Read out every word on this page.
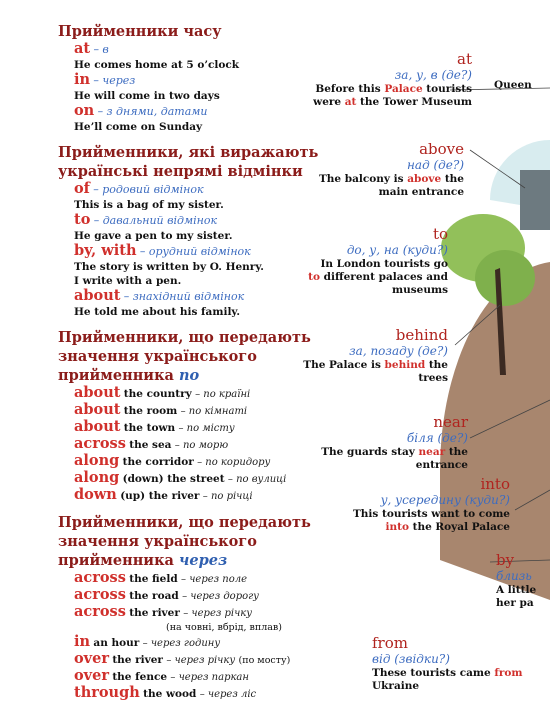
Прийменники часу

at – в
He comes home at 5 o’clock
in – через
He will come in two days
on – з днями, датами
He’ll come on Sunday

Прийменники, які виражають
українські непрямі відмінки

of – родовий відмінок
This is a bag of my sister.
to – давальний відмінок
He gave a pen to my sister.
by, with – орудний відмінок
The story is written by O. Henry.
I write with a pen.
about – знахідний відмінок
He told me about his family.

Прийменники, що передають
значення українського
прийменника по

about the country – по країні
about the room – по кімнаті
about the town – по місту
across the sea – по морю
along the corridor – по коридору
along (down) the street – по вулиці
down (up) the river – по річці

Прийменники, що передають
значення українського
прийменника через

across the field – через поле
across the road – через дорогу
across the river – через річку
(на човні, вбрід, вплав)
in an hour – через годину
over the river – через річку (по мосту)
over the fence – через паркан
through the wood – через ліс
at
за, у, в (де?)
Before this Palace tourists
were at the Tower Museum
Queen
above
над (де?)
The balcony is above the
main entrance
to
до, у, на (куди?)
In London tourists go
to different palaces and
museums
behind
за, позаду (де?)
The Palace is behind the
trees
near
біля (де?)
The guards stay near the
entrance
into
у, усередину (куди?)
This tourists want to come
into the Royal Palace
by
близь
A little
her pa
from
від (звідки?)
These tourists came from
Ukraine
